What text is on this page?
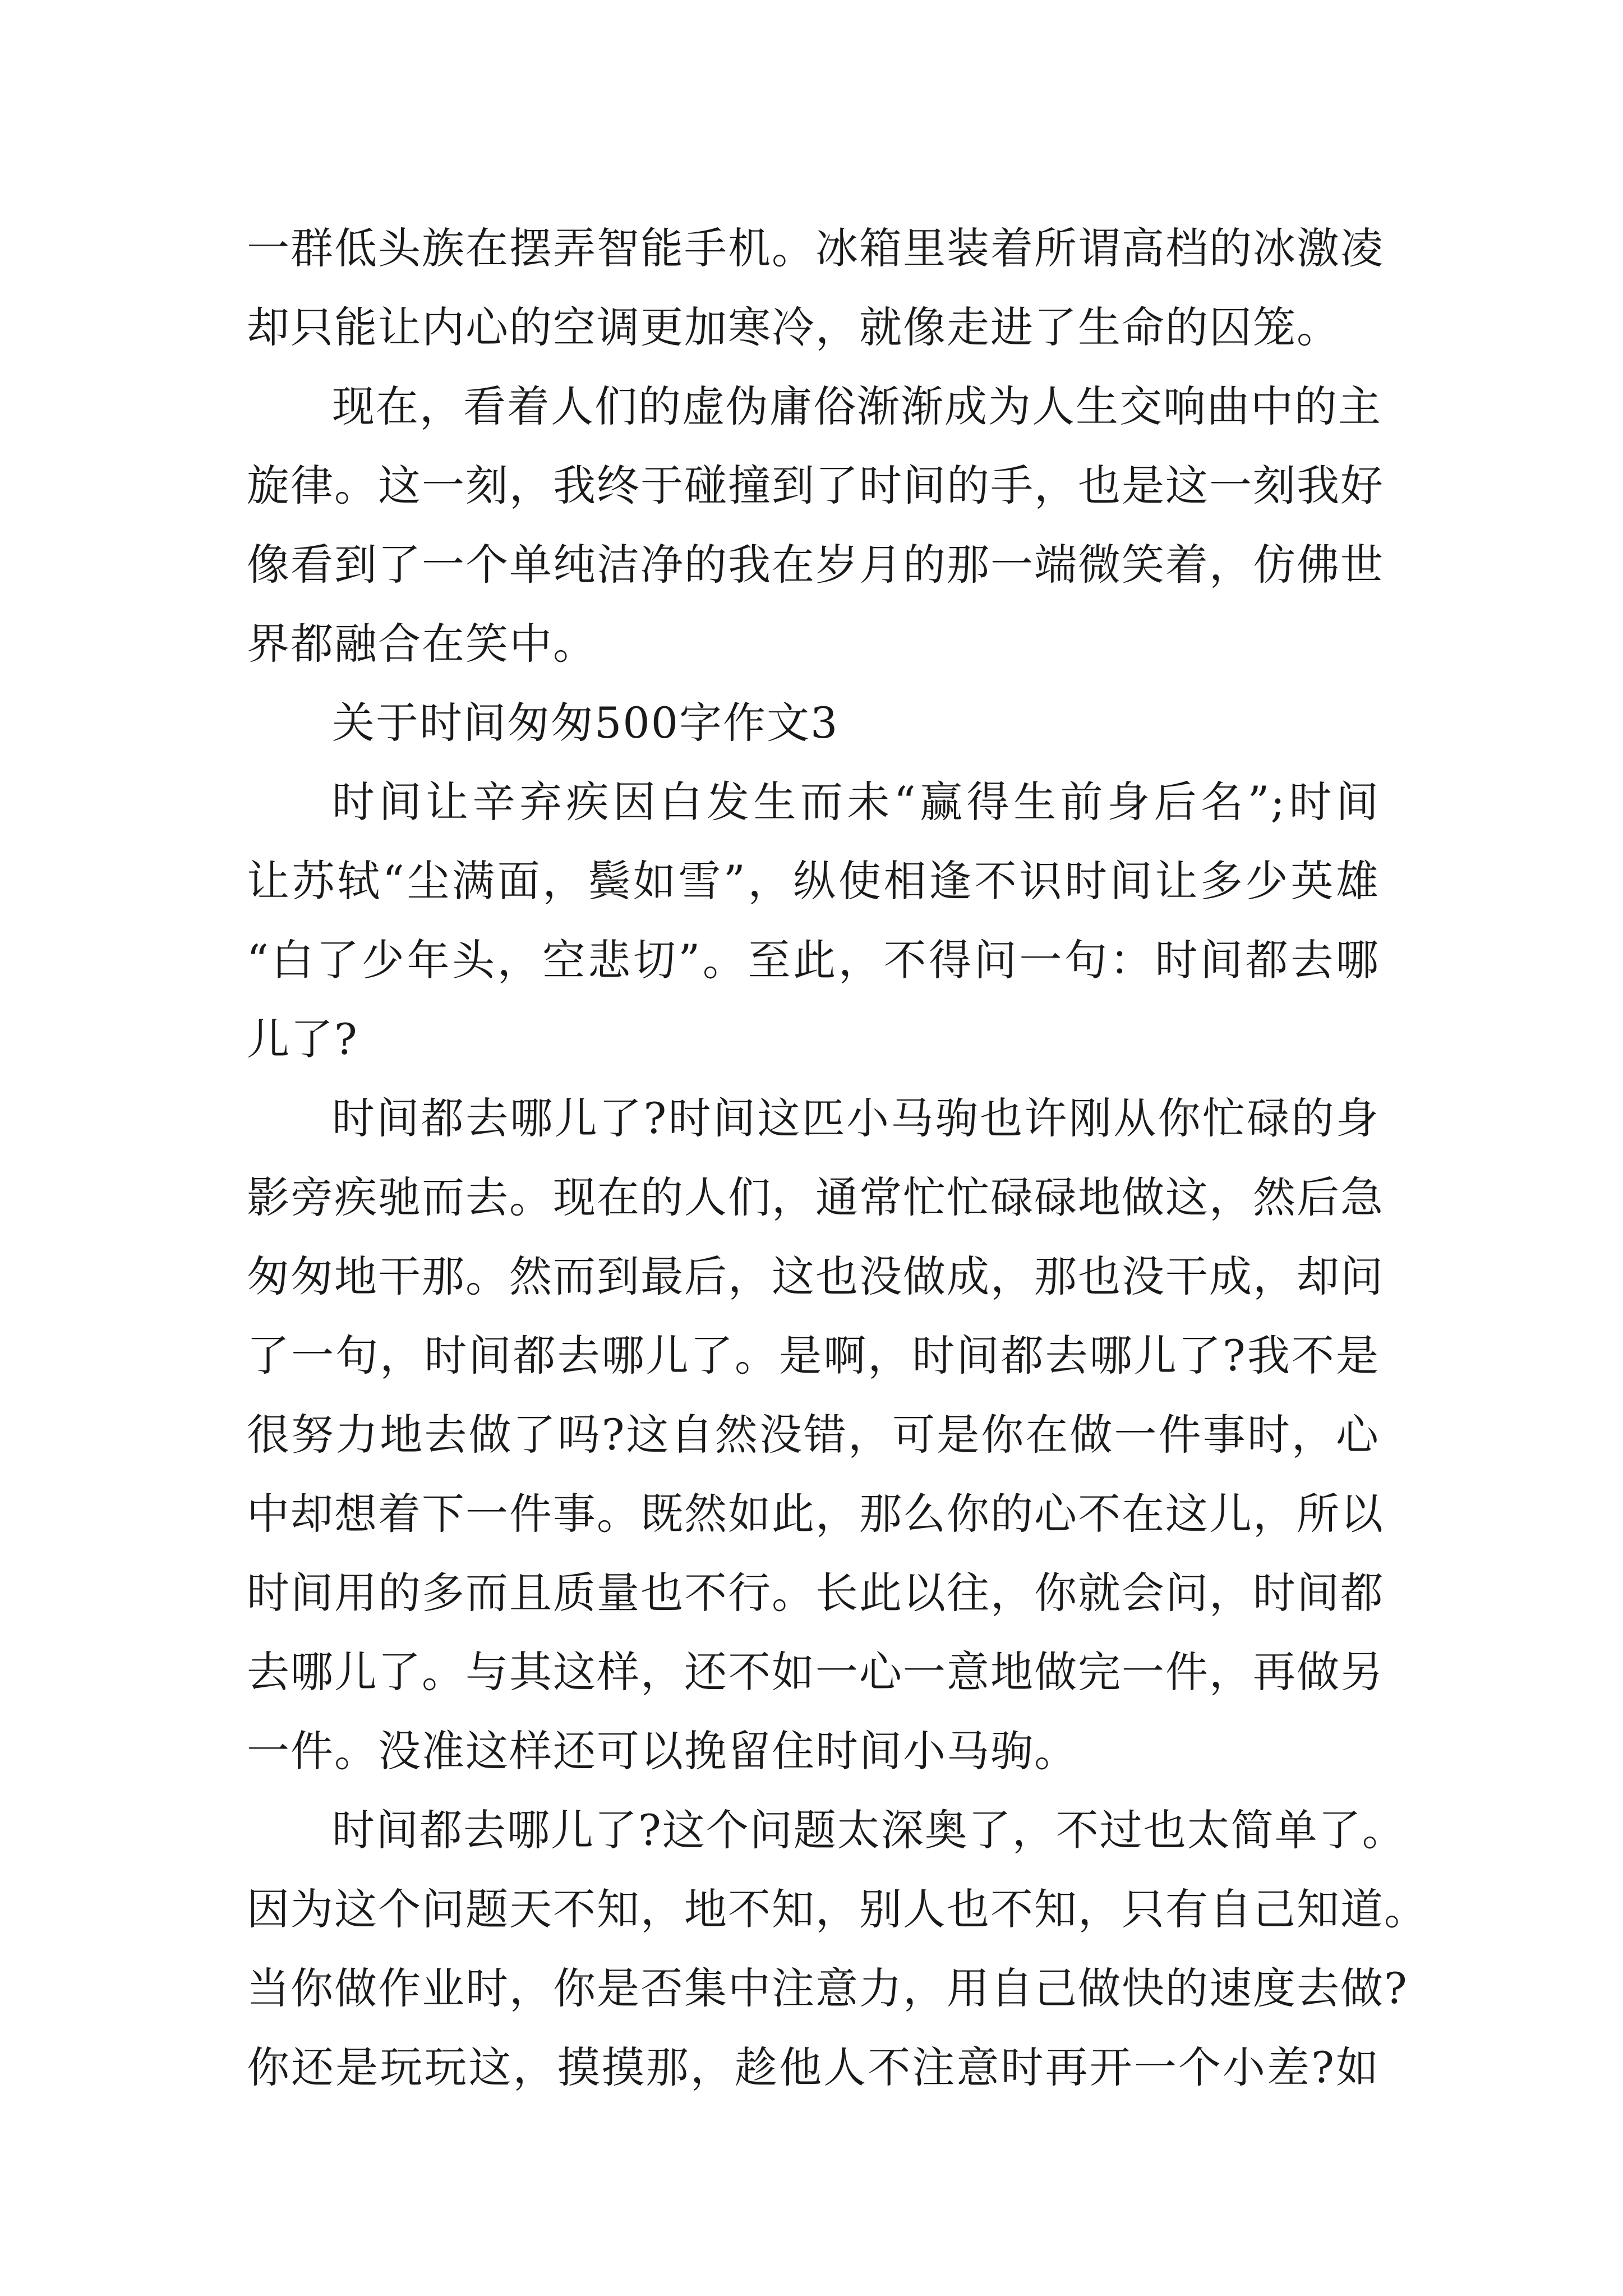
一群低头族在摆弄智能手机。冰箱里装着所谓高档的冰激凌
却只能让内心的空调更加寒冷，就像走进了生命的囚笼。
现在，看着人们的虚伪庸俗渐渐成为人生交响曲中的主
旋律。这一刻，我终于碰撞到了时间的手，也是这一刻我好
像看到了一个单纯洁净的我在岁月的那一端微笑着，仿佛世
界都融合在笑中。
关于时间匆匆500字作文3
时间让辛弃疾因白发生而未“赢得生前身后名”;时间
让苏轼“尘满面，鬓如雪”，纵使相逢不识时间让多少英雄
“白了少年头，空悲切”。至此，不得问一句：时间都去哪
儿了?
时间都去哪儿了?时间这匹小马驹也许刚从你忙碌的身
影旁疾驰而去。现在的人们，通常忙忙碌碌地做这，然后急
匆匆地干那。然而到最后，这也没做成，那也没干成，却问
了一句，时间都去哪儿了。是啊，时间都去哪儿了?我不是
很努力地去做了吗?这自然没错，可是你在做一件事时，心
中却想着下一件事。既然如此，那么你的心不在这儿，所以
时间用的多而且质量也不行。长此以往，你就会问，时间都
去哪儿了。与其这样，还不如一心一意地做完一件，再做另
一件。没准这样还可以挽留住时间小马驹。
时间都去哪儿了?这个问题太深奥了，不过也太简单了。
因为这个问题天不知，地不知，别人也不知，只有自己知道。
当你做作业时，你是否集中注意力，用自己做快的速度去做?
你还是玩玩这，摸摸那，趁他人不注意时再开一个小差?如
